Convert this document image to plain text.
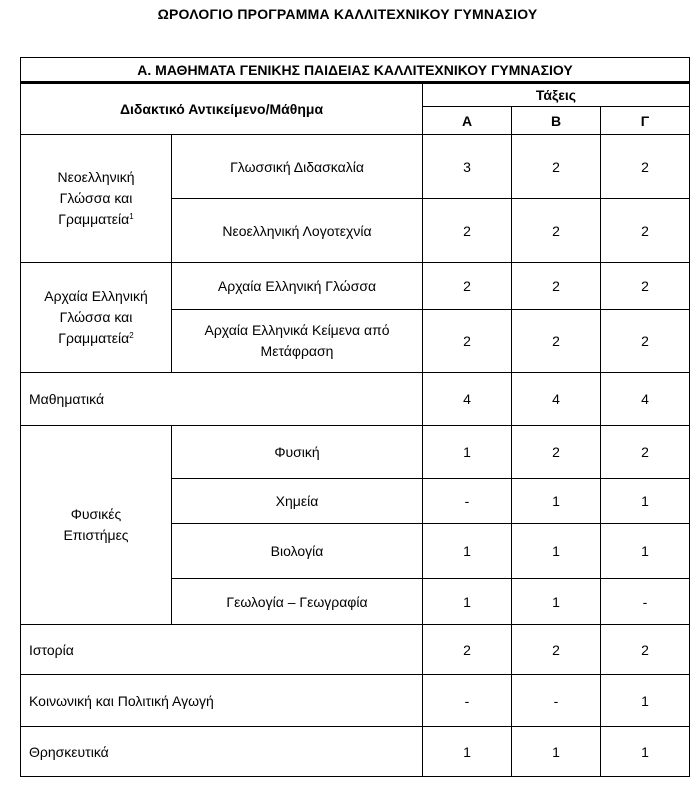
ΩΡΟΛΟΓΙΟ ΠΡΟΓΡΑΜΜΑ ΚΑΛΛΙΤΕΧΝΙΚΟΥ ΓΥΜΝΑΣΙΟΥ
Α. ΜΑΘΗΜΑΤΑ ΓΕΝΙΚΗΣ ΠΑΙΔΕΙΑΣ ΚΑΛΛΙΤΕΧΝΙΚΟΥ ΓΥΜΝΑΣΙΟΥ				
Διδακτικό Αντικείμενο/Μάθημα		Τάξεις		
		Α	Β	Γ
Νεοελληνική
Γλώσσα και
Γραμματεία$^1$	Γλωσσική Διδασκαλία	3	2	2
	Νεοελληνική Λογοτεχνία	2	2	2
Αρχαία Ελληνική
Γλώσσα και
Γραμματεία$^2$	Αρχαία Ελληνική Γλώσσα	2	2	2
	Αρχαία Ελληνικά Κείμενα από
Μετάφραση	2	2	2
Μαθηματικά		4	4	4
Φυσικές
Επιστήμες	Φυσική	1	2	2
	Χημεία	-	1	1
	Βιολογία	1	1	1
	Γεωλογία – Γεωγραφία	1	1	-
Ιστορία		2	2	2
Κοινωνική και Πολιτική Αγωγή		-	-	1
Θρησκευτικά		1	1	1
